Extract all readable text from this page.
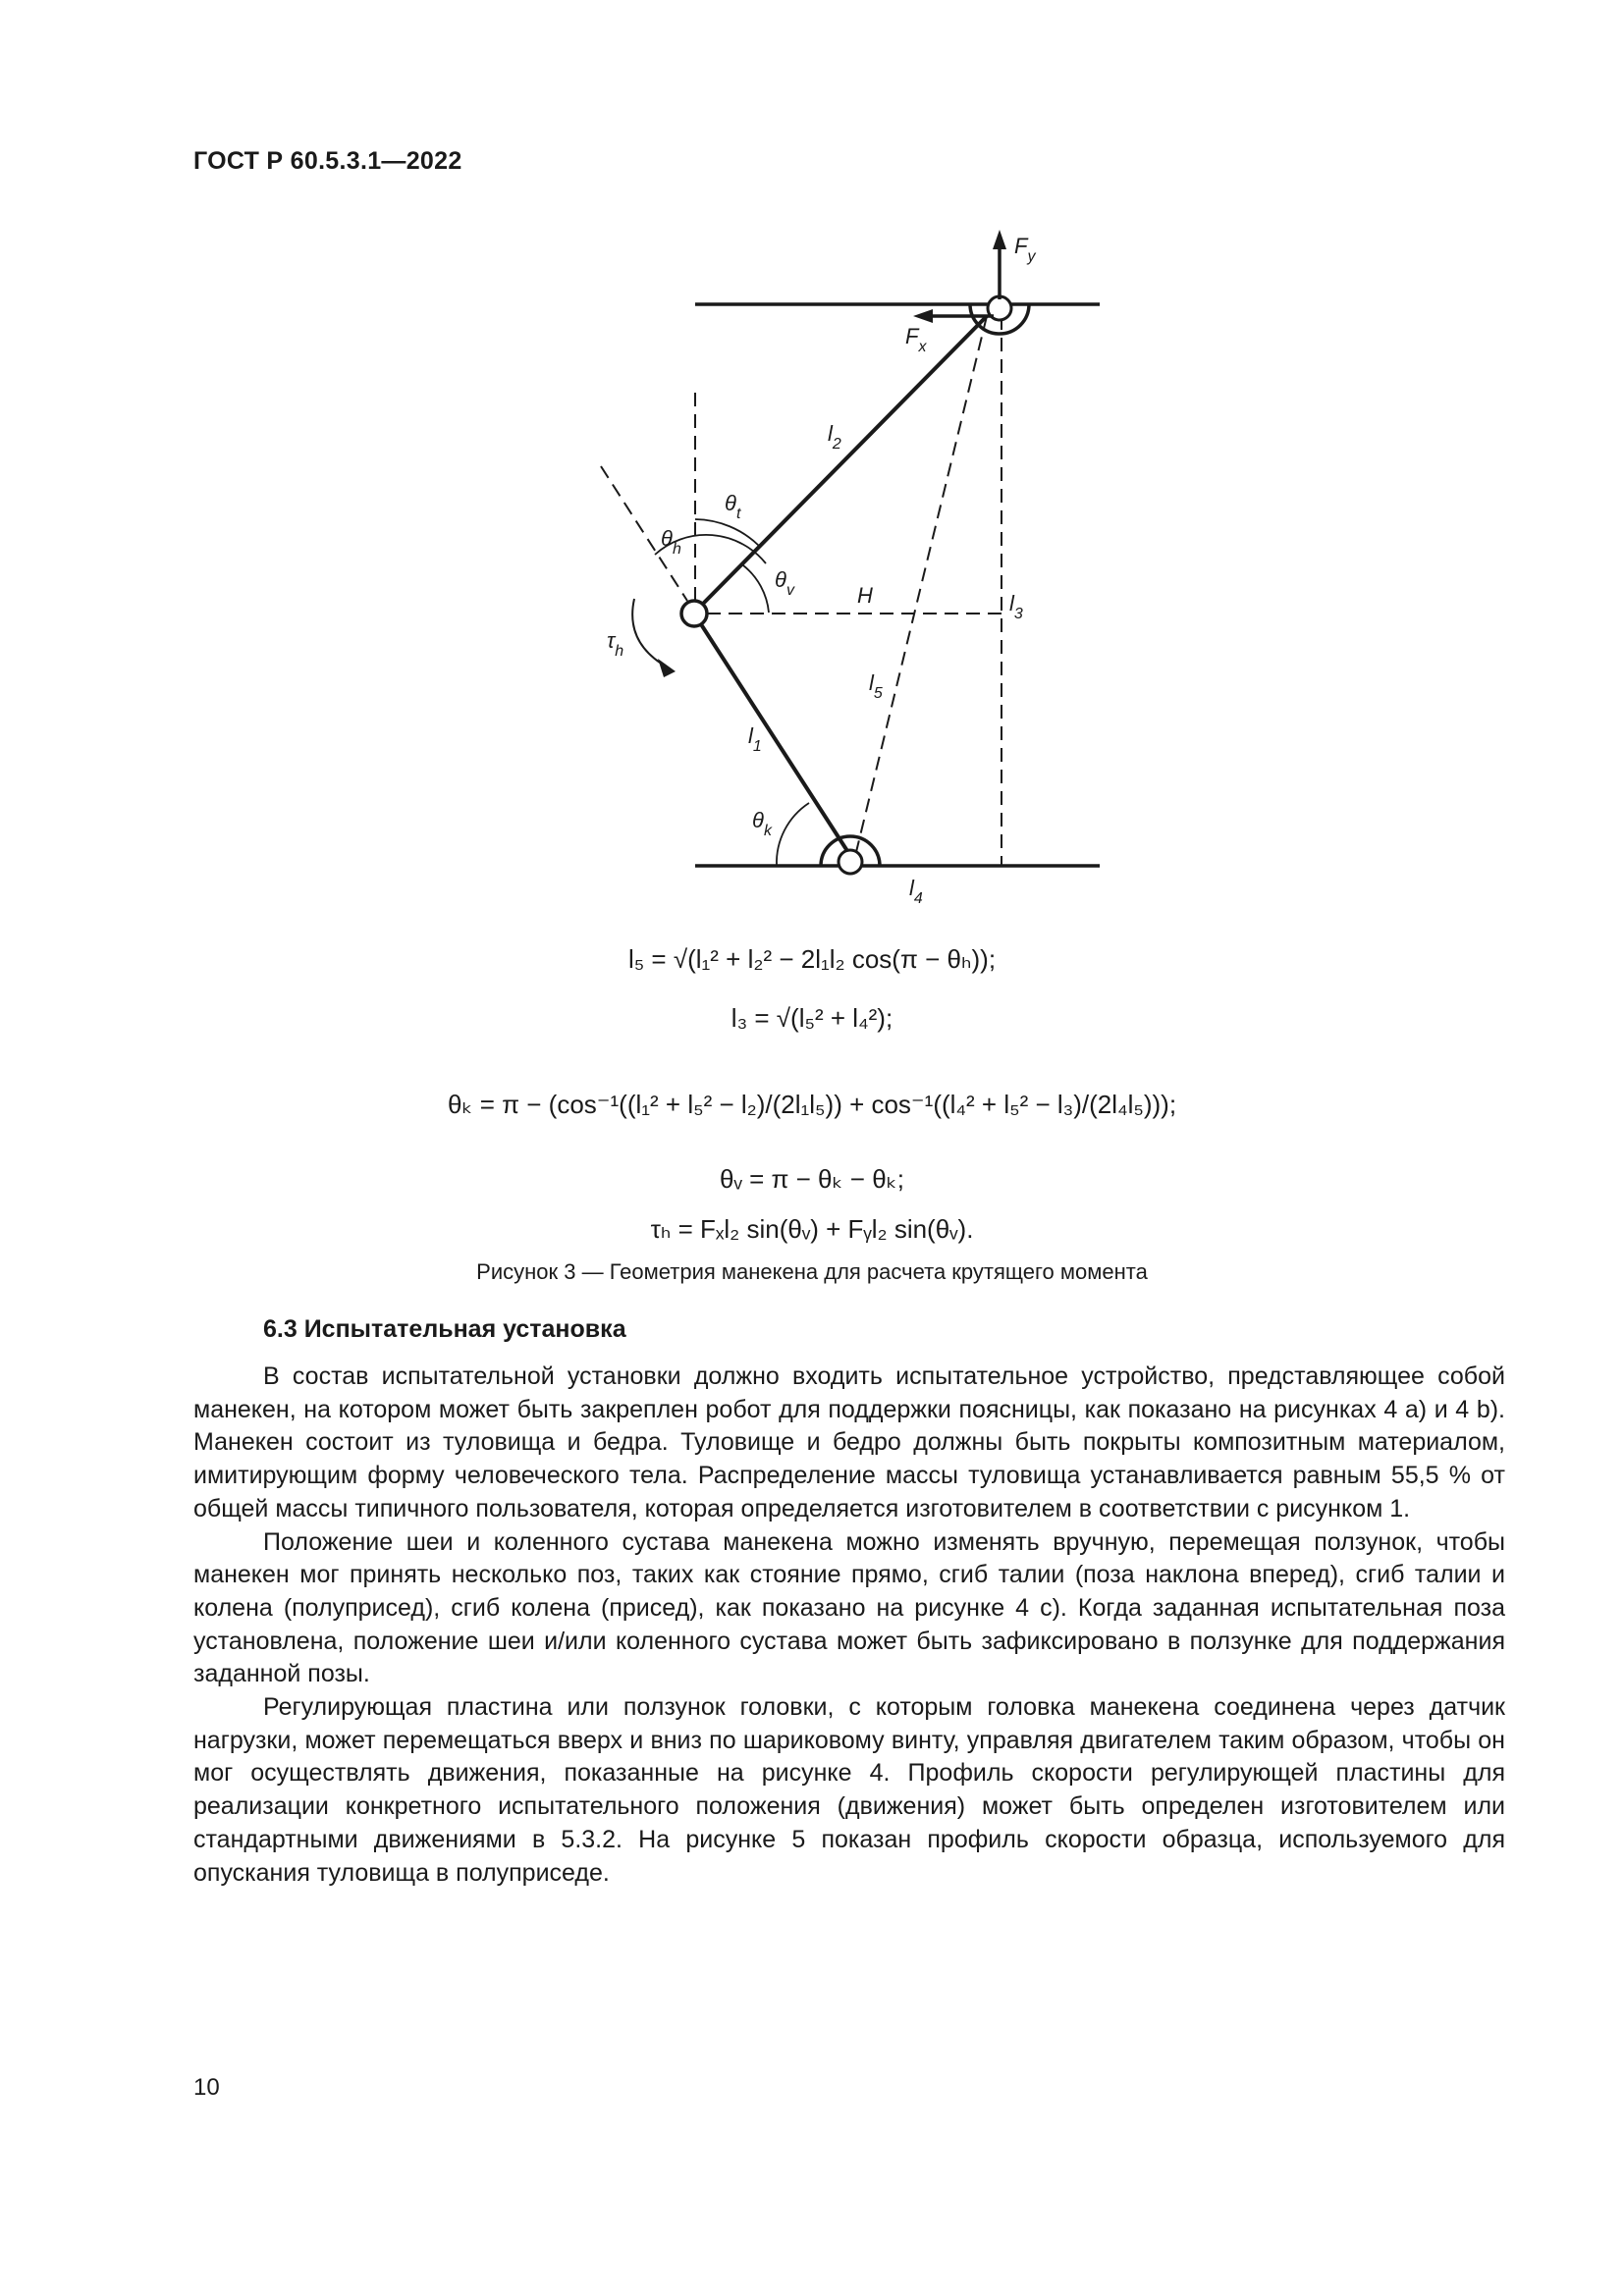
ГОСТ Р 60.5.3.1—2022
$F_y$
$F_x$
$l_2$
$\theta_t$
$\theta_h$
$\theta_v$	H	$l_3$
$\tau_h$
$l_5$
$l_1$
$\theta_k$
$l_4$
l₅ = √(l₁² + l₂² − 2l₁l₂ cos(π − θₕ));
l₃ = √(l₅² + l₄²);
θₖ = π − (cos⁻¹((l₁² + l₅² − l₂)/(2l₁l₅)) + cos⁻¹((l₄² + l₅² − l₃)/(2l₄l₅)));
θᵥ = π − θₖ − θₖ;
τₕ = Fₓl₂ sin(θᵥ) + Fᵧl₂ sin(θᵥ).
Рисунок 3 — Геометрия манекена для расчета крутящего момента
6.3 Испытательная установка

В состав испытательной установки должно входить испытательное устройство, представляющее собой манекен, на котором может быть закреплен робот для поддержки поясницы, как показано на рисунках 4 a) и 4 b). Манекен состоит из туловища и бедра. Туловище и бедро должны быть покрыты композитным материалом, имитирующим форму человеческого тела. Распределение массы туловища устанавливается равным 55,5 % от общей массы типичного пользователя, которая определяется изготовителем в соответствии с рисунком 1.

Положение шеи и коленного сустава манекена можно изменять вручную, перемещая ползунок, чтобы манекен мог принять несколько поз, таких как стояние прямо, сгиб талии (поза наклона вперед), сгиб талии и колена (полуприсед), сгиб колена (присед), как показано на рисунке 4 c). Когда заданная испытательная поза установлена, положение шеи и/или коленного сустава может быть зафиксировано в ползунке для поддержания заданной позы.

Регулирующая пластина или ползунок головки, с которым головка манекена соединена через датчик нагрузки, может перемещаться вверх и вниз по шариковому винту, управляя двигателем таким образом, чтобы он мог осуществлять движения, показанные на рисунке 4. Профиль скорости регулирующей пластины для реализации конкретного испытательного положения (движения) может быть определен изготовителем или стандартными движениями в 5.3.2. На рисунке 5 показан профиль скорости образца, используемого для опускания туловища в полуприседе.

10
